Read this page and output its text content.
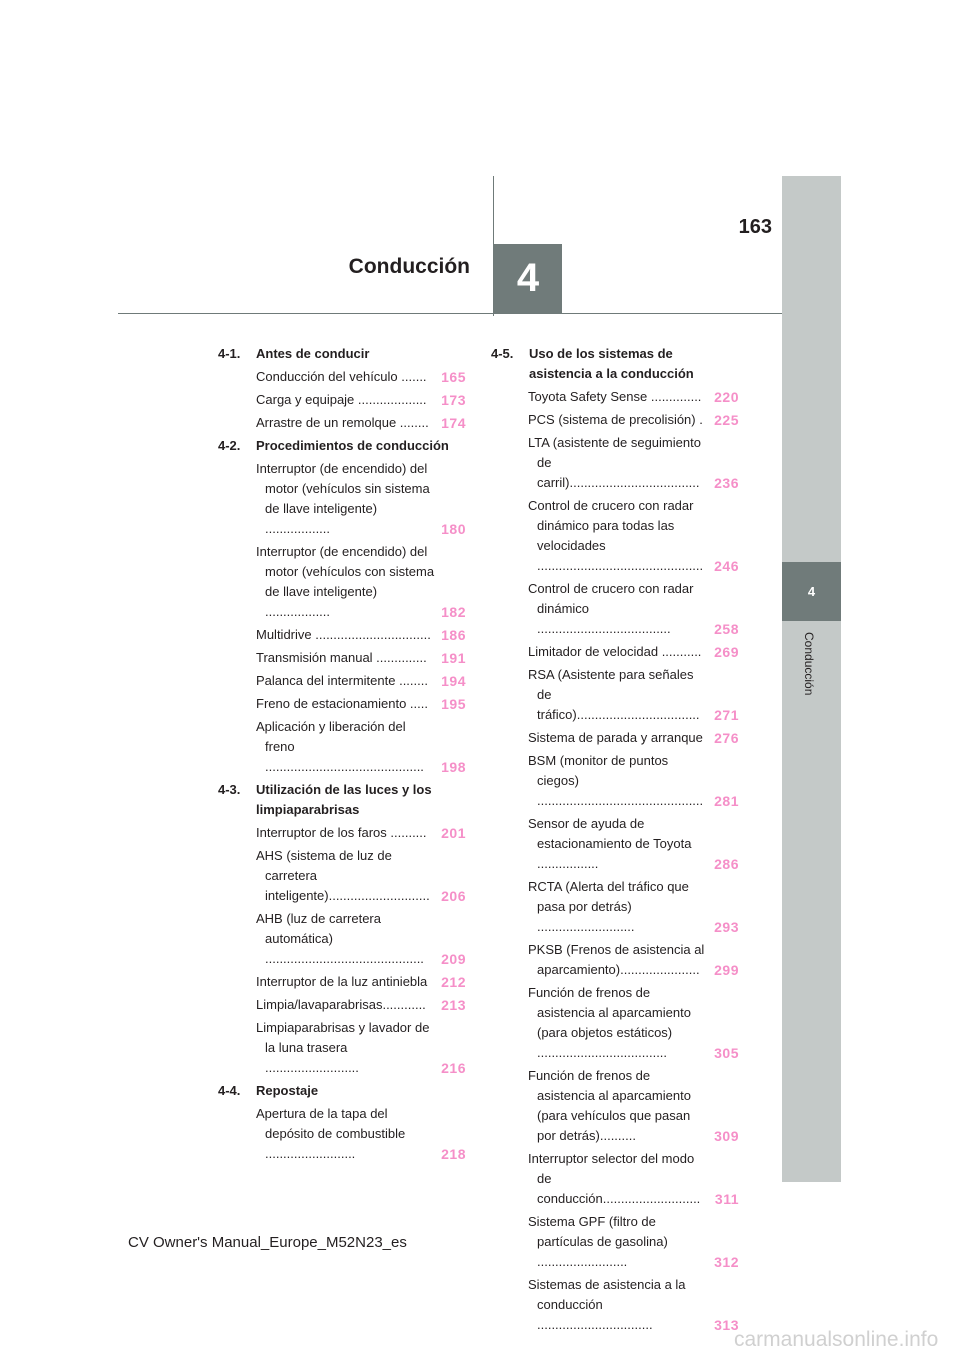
4
Conducción
163
4
Conducción
4-1.	Antes de conducir
Conducción del vehículo .......	165
Carga y equipaje ...................	173
Arrastre de un remolque ........ 174
4-2.	Procedimientos de conducción
Interruptor (de encendido) del motor (vehículos sin sistema de llave inteligente) ..................	180
Interruptor (de encendido) del motor (vehículos con sistema de llave inteligente) ..................	182
Multidrive ................................ 186
Transmisión manual ..............	191
Palanca del intermitente ........ 194
Freno de estacionamiento ..... 195
Aplicación y liberación del freno ............................................	198
4-3.	Utilización de las luces y los limpiaparabrisas
Interruptor de los faros ..........	201
AHS (sistema de luz de carretera inteligente)............................ 206
AHB (luz de carretera automática) ............................................	209
Interruptor de la luz antiniebla 212
Limpia/lavaparabrisas............	213
Limpiaparabrisas y lavador de la luna trasera ..........................	216
4-4.	Repostaje
Apertura de la tapa del depósito de combustible .........................	218
4-5.	Uso de los sistemas de asistencia a la conducción
Toyota Safety Sense .............. 220
PCS (sistema de precolisión) . 225
LTA (asistente de seguimiento de carril)....................................	236
Control de crucero con radar dinámico para todas las velocidades .............................................. 246
Control de crucero con radar dinámico .....................................	258
Limitador de velocidad ........... 269
RSA (Asistente para señales de tráfico)..................................	271
Sistema de parada y arranque 276
BSM (monitor de puntos ciegos) .............................................. 281
Sensor de ayuda de estacionamiento de Toyota .................	286
RCTA (Alerta del tráfico que pasa por detrás) ...........................	293
PKSB (Frenos de asistencia al aparcamiento)......................	299
Función de frenos de asistencia al aparcamiento (para objetos estáticos) ....................................	305
Función de frenos de asistencia al aparcamiento (para vehículos que pasan por detrás)..........	309
Interruptor selector del modo de conducción...........................	311
Sistema GPF (filtro de partículas de gasolina) .........................	312
Sistemas de asistencia a la conducción ................................	313
CV Owner's Manual_Europe_M52N23_es
carmanualsonline.info
